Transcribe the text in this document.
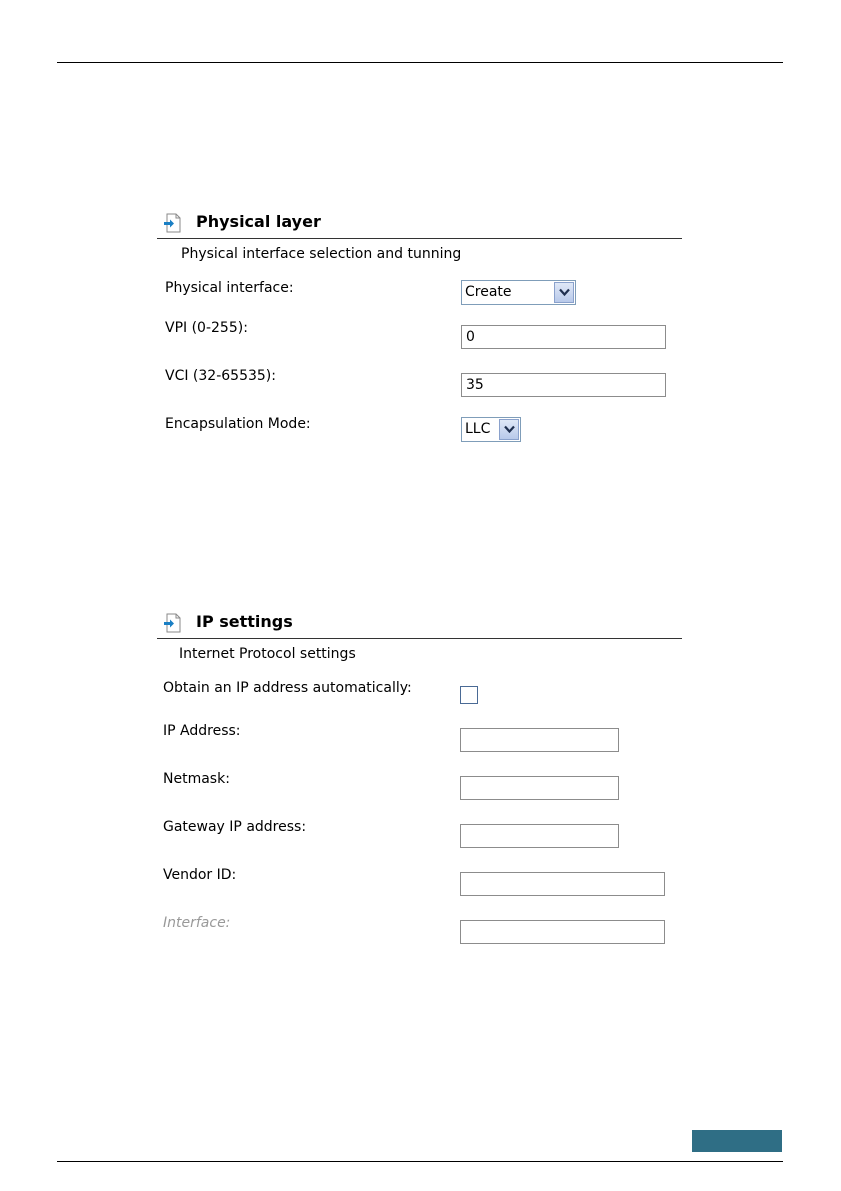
Physical layer
Physical interface selection and tunning
Physical interface:	Create
VPI (0-255):
0
VCI (32-65535):
35
Encapsulation Mode:	LLC
IP settings
Internet Protocol settings
Obtain an IP address automatically:
IP Address:
Netmask:
Gateway IP address:
Vendor ID:
Interface:
